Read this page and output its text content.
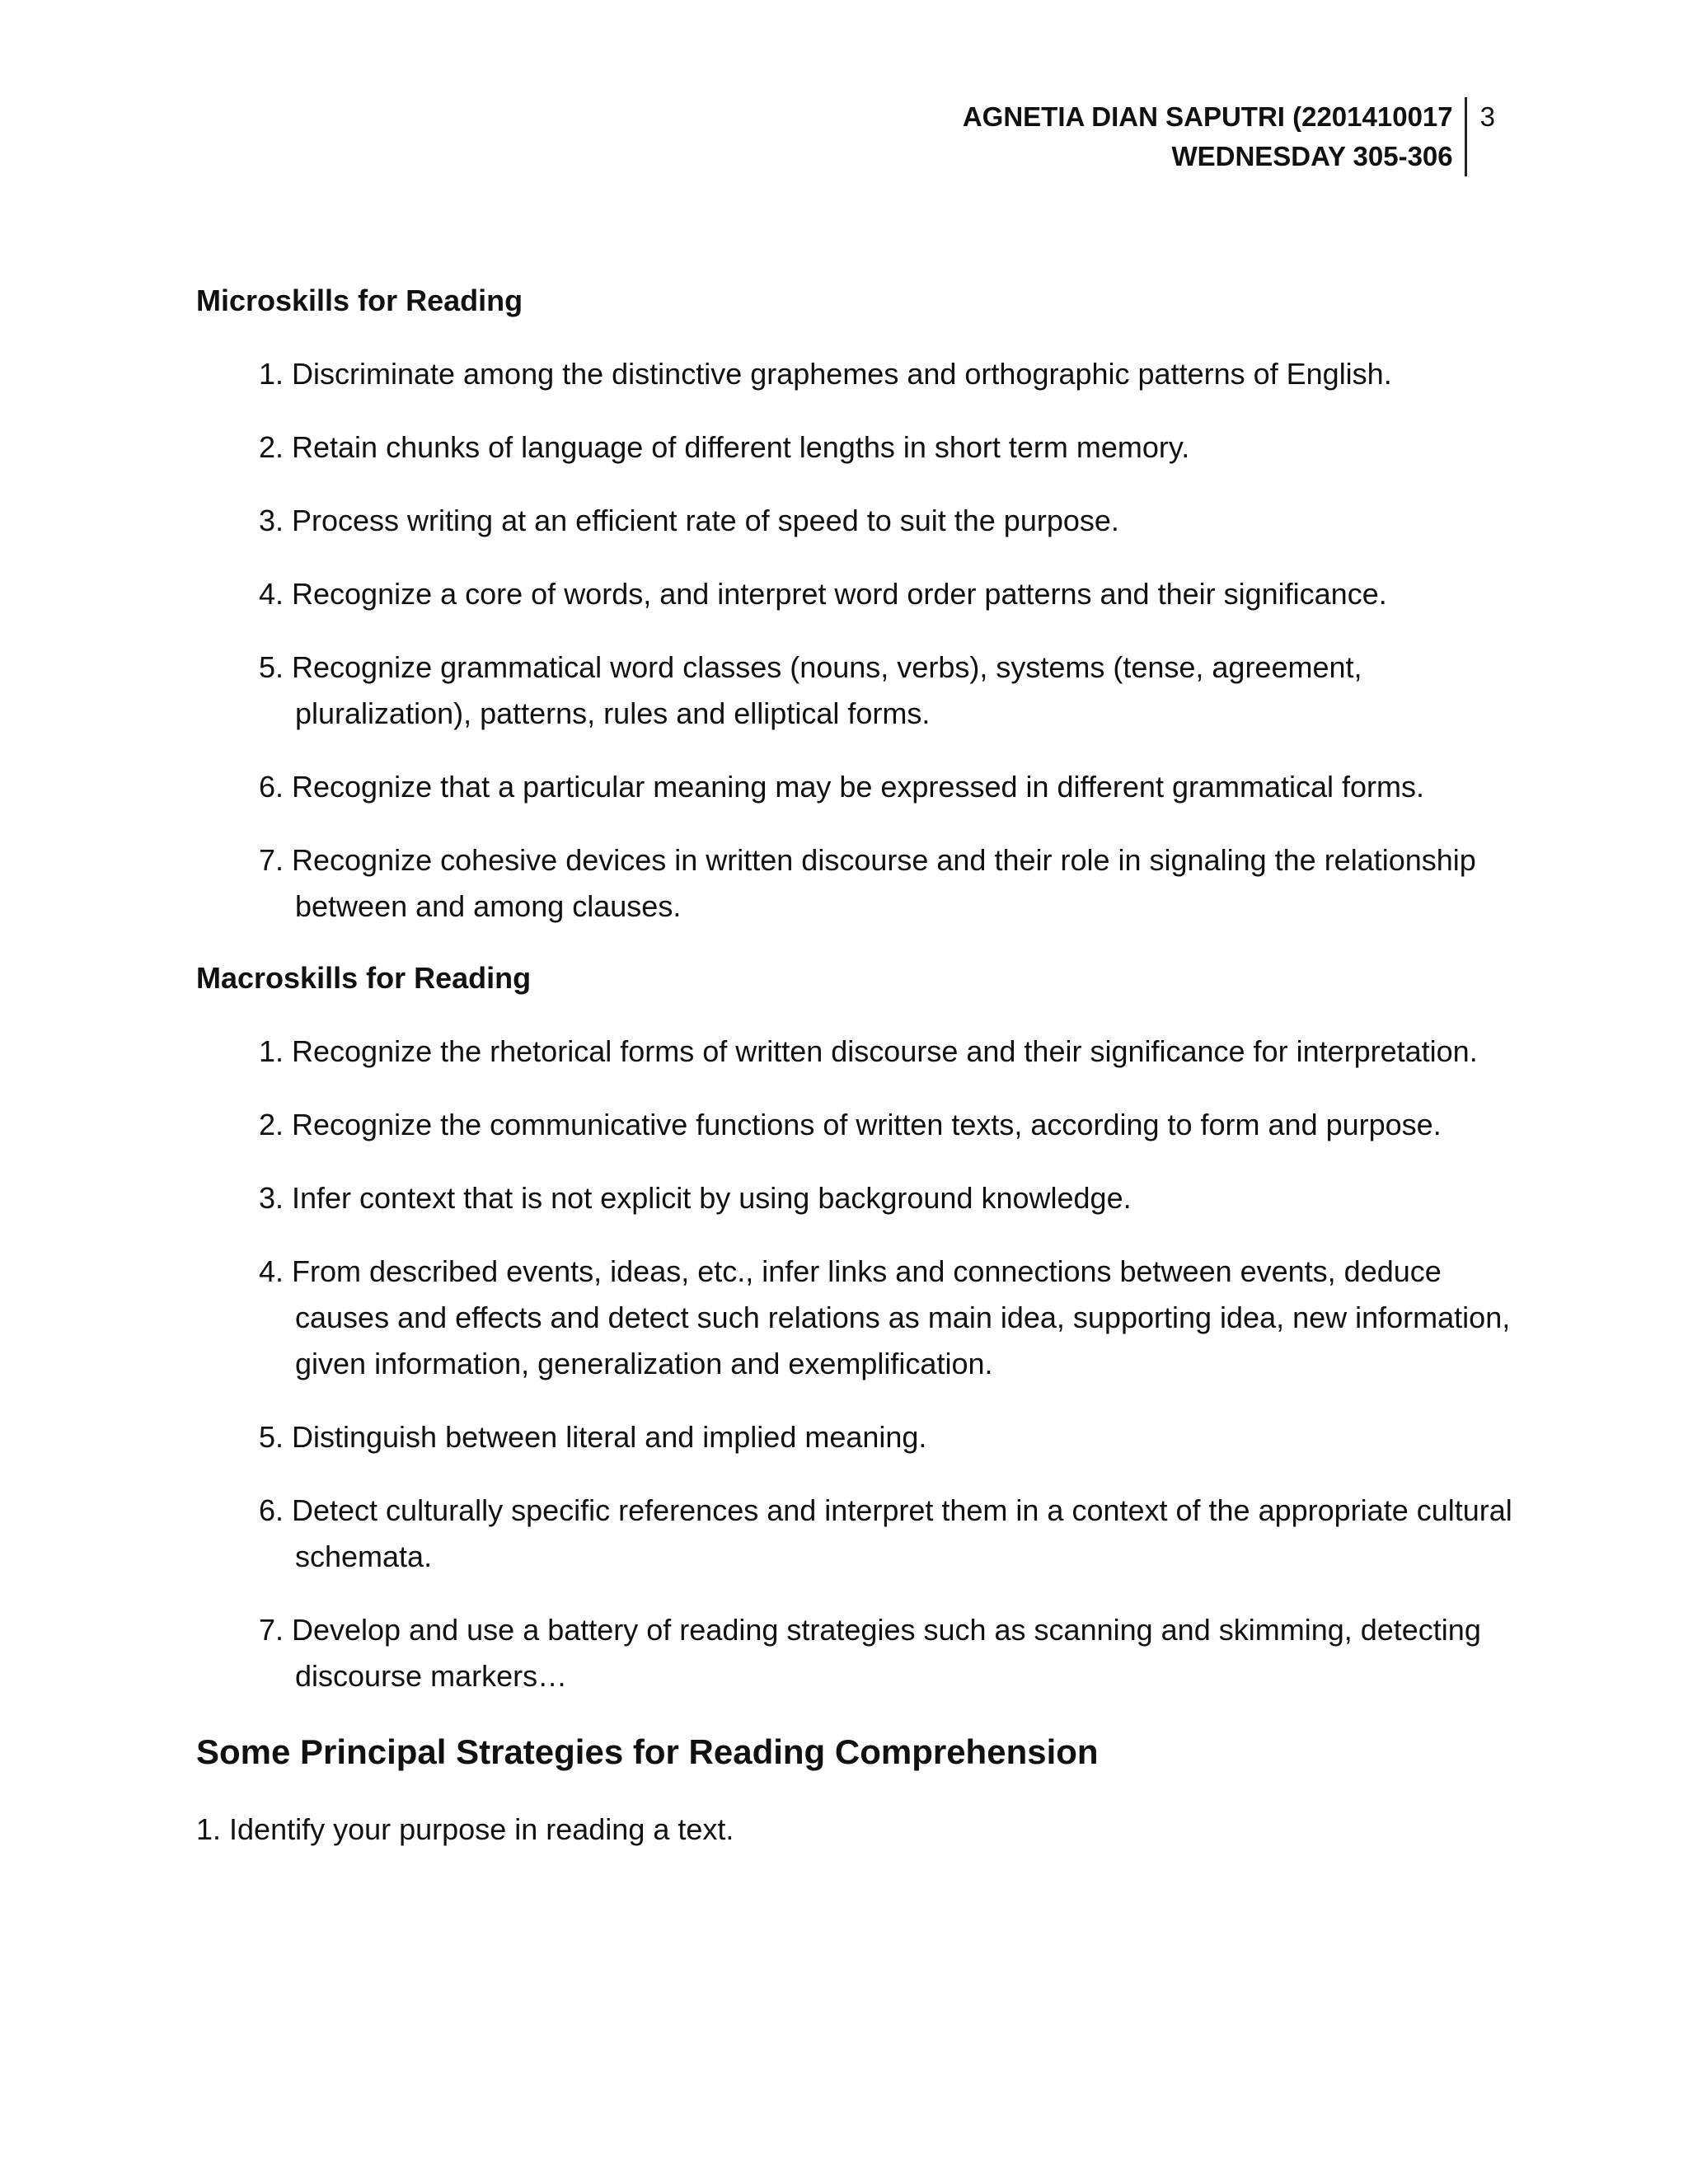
AGNETIA DIAN SAPUTRI (2201410017
WEDNESDAY 305-306
3
Microskills for Reading
1. Discriminate among the distinctive graphemes and orthographic patterns of English.
2. Retain chunks of language of different lengths in short term memory.
3. Process writing at an efficient rate of speed to suit the purpose.
4. Recognize a core of words, and interpret word order patterns and their significance.
5. Recognize grammatical word classes (nouns, verbs), systems (tense, agreement, pluralization), patterns, rules and elliptical forms.
6. Recognize that a particular meaning may be expressed in different grammatical forms.
7. Recognize cohesive devices in written discourse and their role in signaling the relationship between and among clauses.
Macroskills for Reading
1. Recognize the rhetorical forms of written discourse and their significance for interpretation.
2. Recognize the communicative functions of written texts, according to form and purpose.
3. Infer context that is not explicit by using background knowledge.
4. From described events, ideas, etc., infer links and connections between events, deduce causes and effects and detect such relations as main idea, supporting idea, new information, given information, generalization and exemplification.
5. Distinguish between literal and implied meaning.
6. Detect culturally specific references and interpret them in a context of the appropriate cultural schemata.
7. Develop and use a battery of reading strategies such as scanning and skimming, detecting discourse markers…
Some Principal Strategies for Reading Comprehension
1. Identify your purpose in reading a text.
